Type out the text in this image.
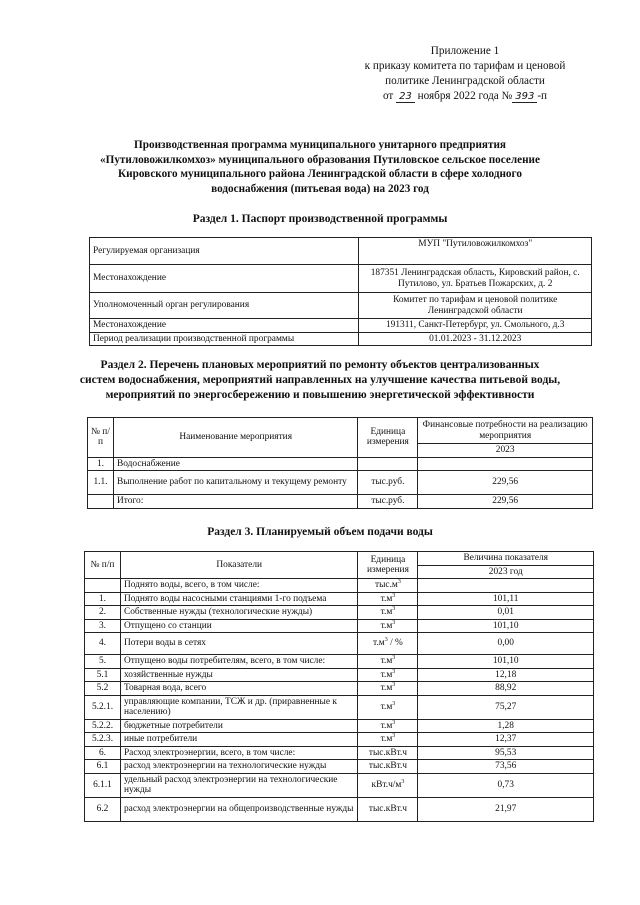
Приложение 1
к приказу комитета по тарифам и ценовой
политике Ленинградской области
от 23 ноября 2022 года № 393 -п
Производственная программа муниципального унитарного предприятия
«Путиловожилкомхоз» муниципального образования Путиловское сельское поселение
Кировского муниципального района Ленинградской области в сфере холодного
водоснабжения (питьевая вода) на 2023 год
Раздел 1. Паспорт производственной программы
Регулируемая организация	МУП "Путиловожилкомхоз"
Местонахождение	187351 Ленинградская область, Кировский район, с. Путилово, ул. Братьев Пожарских, д. 2
Уполномоченный орган регулирования	Комитет по тарифам и ценовой политике Ленинградской области
Местонахождение	191311, Санкт-Петербург, ул. Смольного, д.3
Период реализации производственной программы	01.01.2023 - 31.12.2023
Раздел 2. Перечень плановых мероприятий по ремонту объектов централизованных
систем водоснабжения, мероприятий направленных на улучшение качества питьевой воды,
мероприятий по энергосбережению и повышению энергетической эффективности
№ п/п	Наименование мероприятия	Единица измерения	Финансовые потребности на реализацию мероприятия
			2023
1.	Водоснабжение		
1.1.	Выполнение работ по капитальному и текущему ремонту	тыс.руб.	229,56
	Итого:	тыс.руб.	229,56
Раздел 3. Планируемый объем подачи воды
№ п/п	Показатели	Единица измерения	Величина показателя
			2023 год
	Поднято воды, всего, в том числе:	$тыс.м^3$	
1.	Поднято воды насосными станциями 1-го подъема	$т.м^3$	101,11
2.	Собственные нужды (технологические нужды)	$т.м^3$	0,01
3.	Отпущено со станции	$т.м^3$	101,10
4.	Потери воды в сетях	$т.м^3$ / %	0,00
5.	Отпущено воды потребителям, всего, в том числе:	$т.м^3$	101,10
5.1	хозяйственные нужды	$т.м^3$	12,18
5.2	Товарная вода, всего	$т.м^3$	88,92
5.2.1.	управляющие компании, ТСЖ и др. (приравненные к населению)	$т.м^3$	75,27
5.2.2.	бюджетные потребители	$т.м^3$	1,28
5.2.3.	иные потребители	$т.м^3$	12,37
6.	Расход электроэнергии, всего, в том числе:	тыс.кВт.ч	95,53
6.1	расход электроэнергии на технологические нужды	тыс.кВт.ч	73,56
6.1.1	удельный расход электроэнергии на технологические нужды	$кВт.ч/м^3$	0,73
6.2	расход электроэнергии на общепроизводственные нужды	тыс.кВт.ч	21,97
